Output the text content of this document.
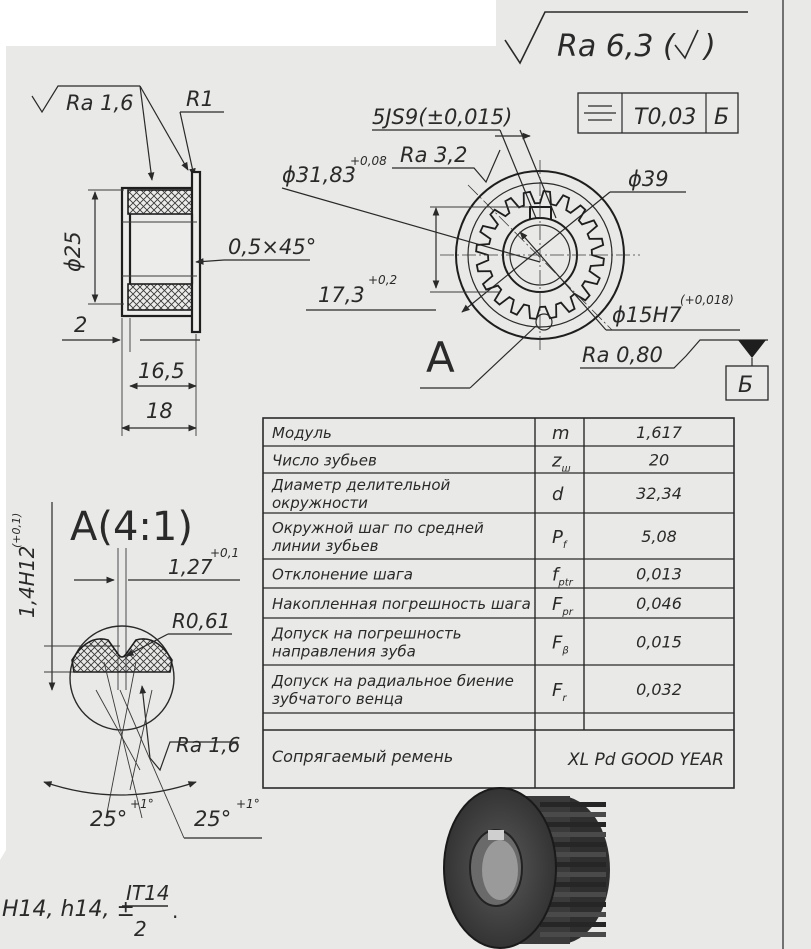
Ra 6,3 ( )
Ra 1,6 R1
ϕ25	0,5×45°
2
16,5
18
5JS9(±0,015)	T0,03 Б
ϕ31,83
+0,08 Ra 3,2
ϕ39
A
17,3
+0,2
ϕ15H7
(+0,018)
Ra 0,80
Б
A(4:1)
1,4H12
(+0,1)
1,27
+0,1
R0,61
Ra 1,6
25°
+1°
25°
+1°
Модуль	m	1,617
Число зубьев	$z_ш$	20
Диаметр делительной
окружности	d	32,34
Окружной шаг по средней
линии зубьев	$P_f$	5,08
Отклонение шага	$f_{ptr}$	0,013
Накопленная погрешность шага $F_{pr}$	0,046
Допуск на погрешность
направления зуба	$F_\beta$	0,015
Допуск на радиальное биение
зубчатого венца	$F_r$	0,032
Сопрягаемый ремень	XL Pd GOOD YEAR
H14, h14, ±
IT14
2
.
